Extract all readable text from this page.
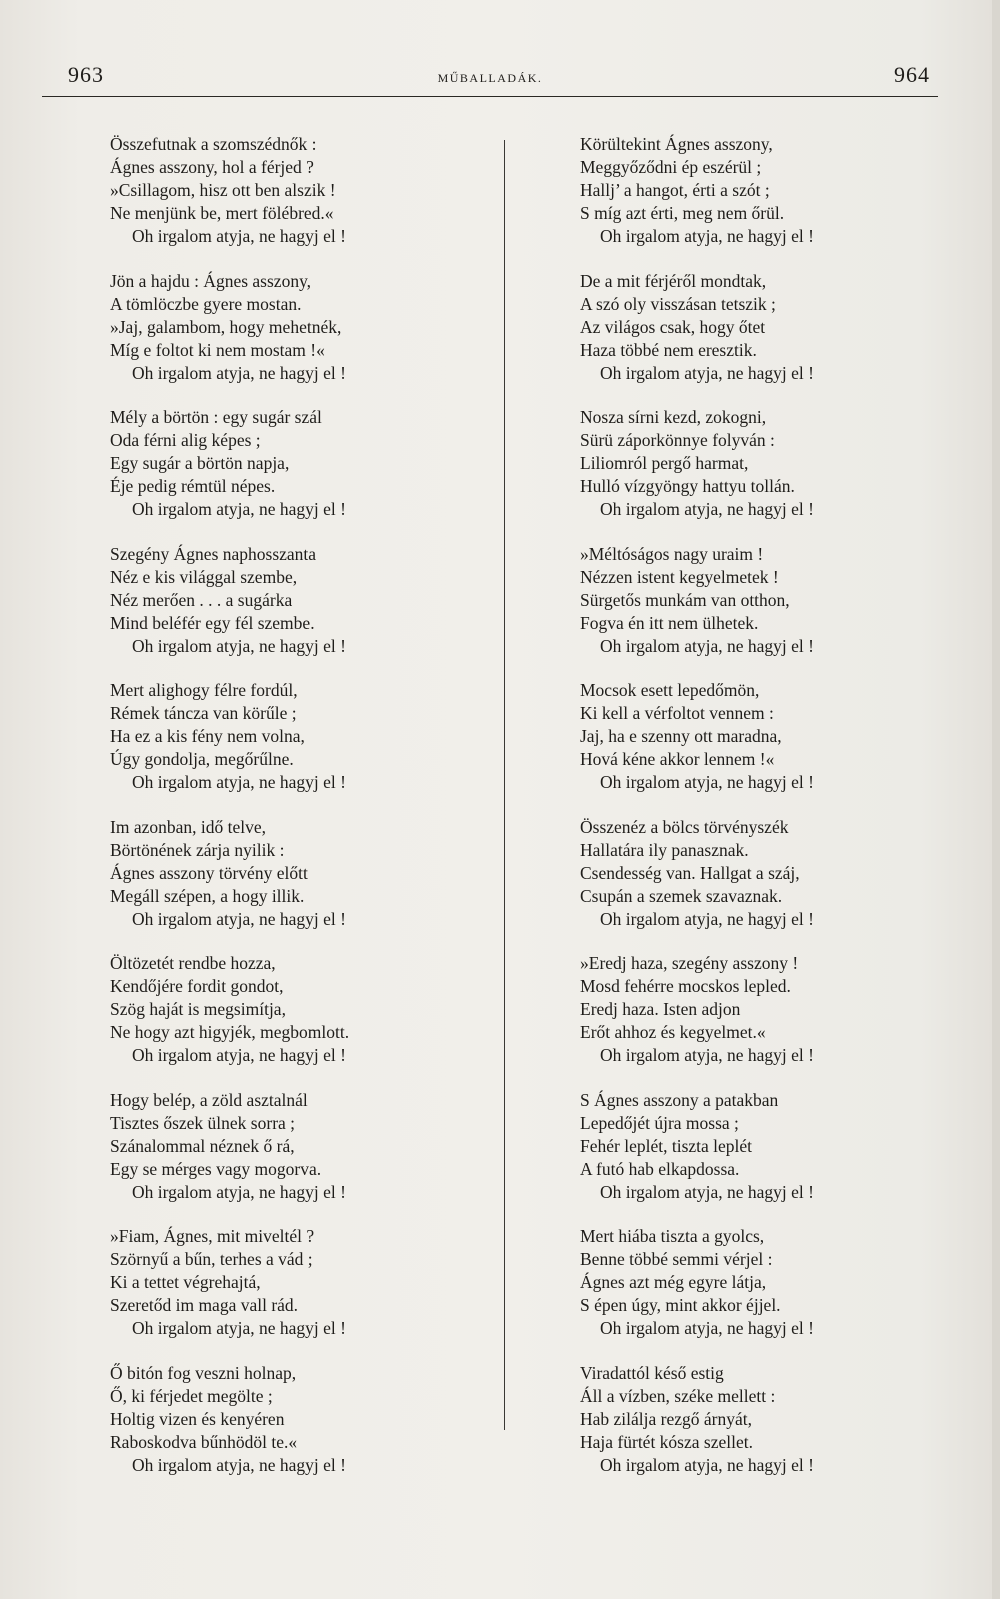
963	MŰBALLADÁK.	964
Összefutnak a szomszédnők :
Ágnes asszony, hol a férjed ?
»Csillagom, hisz ott ben alszik !
Ne menjünk be, mert fölébred.«
Oh irgalom atyja, ne hagyj el !
Jön a hajdu : Ágnes asszony,
A tömlöczbe gyere mostan.
»Jaj, galambom, hogy mehetnék,
Míg e foltot ki nem mostam !«
Oh irgalom atyja, ne hagyj el !
Mély a börtön : egy sugár szál
Oda férni alig képes ;
Egy sugár a börtön napja,
Éje pedig rémtül népes.
Oh irgalom atyja, ne hagyj el !
Szegény Ágnes naphosszanta
Néz e kis világgal szembe,
Néz merően . . . a sugárka
Mind beléfér egy fél szembe.
Oh irgalom atyja, ne hagyj el !
Mert alighogy félre fordúl,
Rémek táncza van körűle ;
Ha ez a kis fény nem volna,
Úgy gondolja, megőrűlne.
Oh irgalom atyja, ne hagyj el !
Im azonban, idő telve,
Börtönének zárja nyilik :
Ágnes asszony törvény előtt
Megáll szépen, a hogy illik.
Oh irgalom atyja, ne hagyj el !
Öltözetét rendbe hozza,
Kendőjére fordit gondot,
Szög haját is megsimítja,
Ne hogy azt higyjék, megbomlott.
Oh irgalom atyja, ne hagyj el !
Hogy belép, a zöld asztalnál
Tisztes őszek ülnek sorra ;
Szánalommal néznek ő rá,
Egy se mérges vagy mogorva.
Oh irgalom atyja, ne hagyj el !
»Fiam, Ágnes, mit miveltél ?
Szörnyű a bűn, terhes a vád ;
Ki a tettet végrehajtá,
Szeretőd im maga vall rád.
Oh irgalom atyja, ne hagyj el !
Ő bitón fog veszni holnap,
Ő, ki férjedet megölte ;
Holtig vizen és kenyéren
Raboskodva bűnhödöl te.«
Oh irgalom atyja, ne hagyj el !
Körültekint Ágnes asszony,
Meggyőződni ép eszérül ;
Hallj’ a hangot, érti a szót ;
S míg azt érti, meg nem őrül.
Oh irgalom atyja, ne hagyj el !
De a mit férjéről mondtak,
A szó oly visszásan tetszik ;
Az világos csak, hogy őtet
Haza többé nem eresztik.
Oh irgalom atyja, ne hagyj el !
Nosza sírni kezd, zokogni,
Sürü záporkönnye folyván :
Liliomról pergő harmat,
Hulló vízgyöngy hattyu tollán.
Oh irgalom atyja, ne hagyj el !
»Méltóságos nagy uraim !
Nézzen istent kegyelmetek !
Sürgetős munkám van otthon,
Fogva én itt nem ülhetek.
Oh irgalom atyja, ne hagyj el !
Mocsok esett lepedőmön,
Ki kell a vérfoltot vennem :
Jaj, ha e szenny ott maradna,
Hová kéne akkor lennem !«
Oh irgalom atyja, ne hagyj el !
Összenéz a bölcs törvényszék
Hallatára ily panasznak.
Csendesség van. Hallgat a száj,
Csupán a szemek szavaznak.
Oh irgalom atyja, ne hagyj el !
»Eredj haza, szegény asszony !
Mosd fehérre mocskos lepled.
Eredj haza. Isten adjon
Erőt ahhoz és kegyelmet.«
Oh irgalom atyja, ne hagyj el !
S Ágnes asszony a patakban
Lepedőjét újra mossa ;
Fehér leplét, tiszta leplét
A futó hab elkapdossa.
Oh irgalom atyja, ne hagyj el !
Mert hiába tiszta a gyolcs,
Benne többé semmi vérjel :
Ágnes azt még egyre látja,
S épen úgy, mint akkor éjjel.
Oh irgalom atyja, ne hagyj el !
Viradattól késő estig
Áll a vízben, széke mellett :
Hab zilálja rezgő árnyát,
Haja fürtét kósza szellet.
Oh irgalom atyja, ne hagyj el !
